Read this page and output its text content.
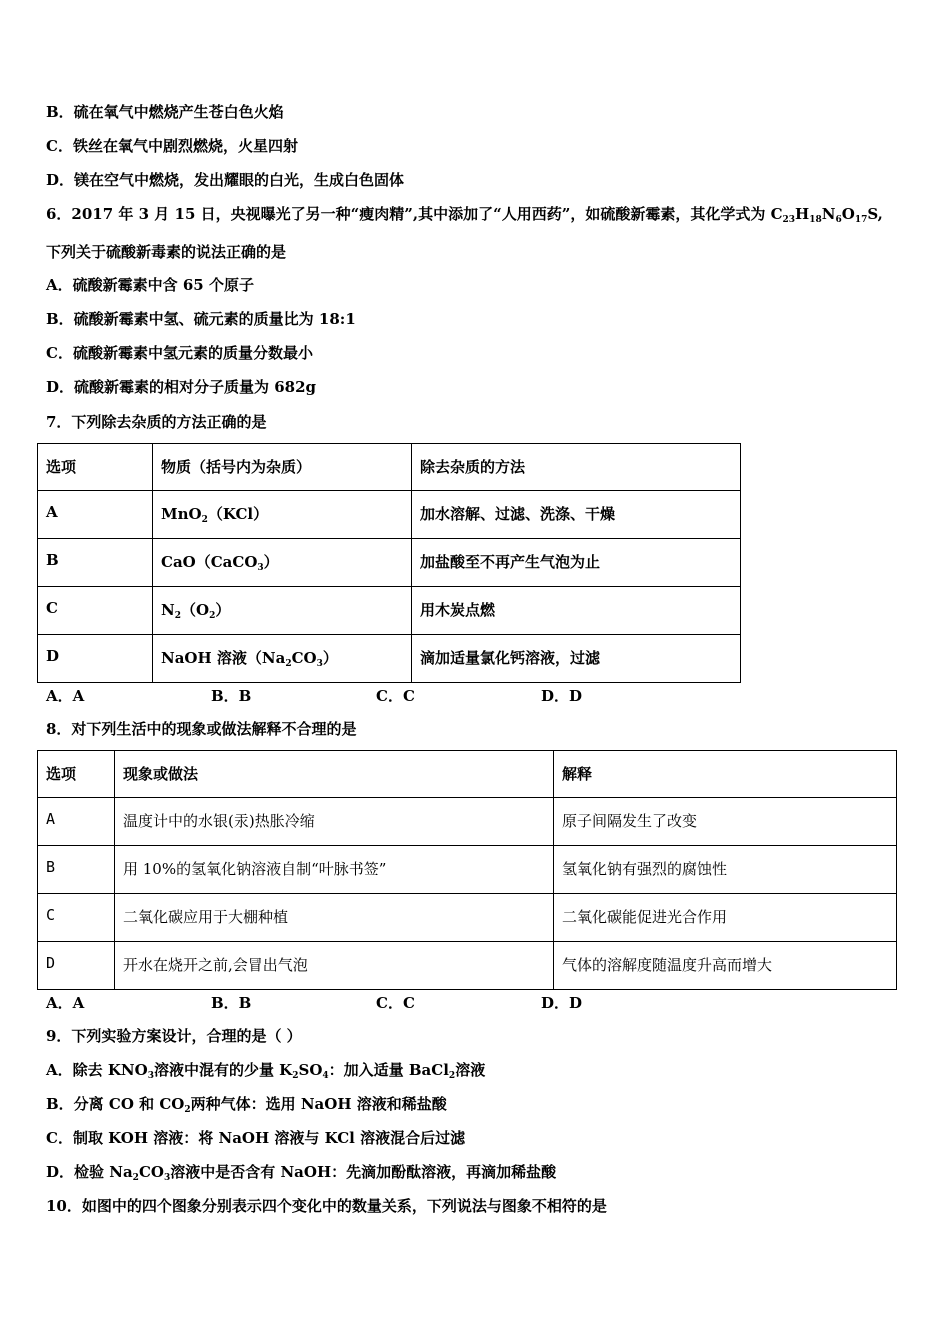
B．硫在氧气中燃烧产生苍白色火焰
C．铁丝在氧气中剧烈燃烧，火星四射
D．镁在空气中燃烧，发出耀眼的白光，生成白色固体
6．2017 年 3 月 15 日，央视曝光了另一种“瘦肉精”,其中添加了“人用西药”，如硫酸新霉素，其化学式为 $C_{23}H_{18}N_6O_{17}S$,
下列关于硫酸新毒素的说法正确的是
A．硫酸新霉素中含 65 个原子
B．硫酸新霉素中氢、硫元素的质量比为 18:1
C．硫酸新霉素中氢元素的质量分数最小
D．硫酸新霉素的相对分子质量为 682g
7．下列除去杂质的方法正确的是
选项	物质（括号内为杂质）	除去杂质的方法
A	MnO$_2$（KCl）	加水溶解、过滤、洗涤、干燥
B	CaO（CaCO$_3$）	加盐酸至不再产生气泡为止
C	$N_2(O_2)$	用木炭点燃
D	NaOH 溶液$(Na_2CO_3)$	滴加适量氯化钙溶液，过滤
A．A	B．B	C．C	D．D
8．对下列生活中的现象或做法解释不合理的是
选项	现象或做法	解释
A	温度计中的水银(汞)热胀冷缩	原子间隔发生了改变
B	用 10%的氢氧化钠溶液自制“叶脉书签”	氢氧化钠有强烈的腐蚀性
C	二氧化碳应用于大棚种植	二氧化碳能促进光合作用
D	开水在烧开之前,会冒出气泡	气体的溶解度随温度升高而增大
A．A	B．B	C．C	D．D
9．下列实验方案设计，合理的是（ ）
A．除去 $KNO_3$溶液中混有的少量 $K_2SO_4$：加入适量 BaCl$_2$溶液
B．分离 CO 和 $CO_2$两种气体：选用 NaOH 溶液和稀盐酸
C．制取 KOH 溶液：将 NaOH 溶液与 KCl 溶液混合后过滤
D．检验 $Na_2CO_3$溶液中是否含有 NaOH：先滴加酚酞溶液，再滴加稀盐酸
10．如图中的四个图象分别表示四个变化中的数量关系，下列说法与图象不相符的是
